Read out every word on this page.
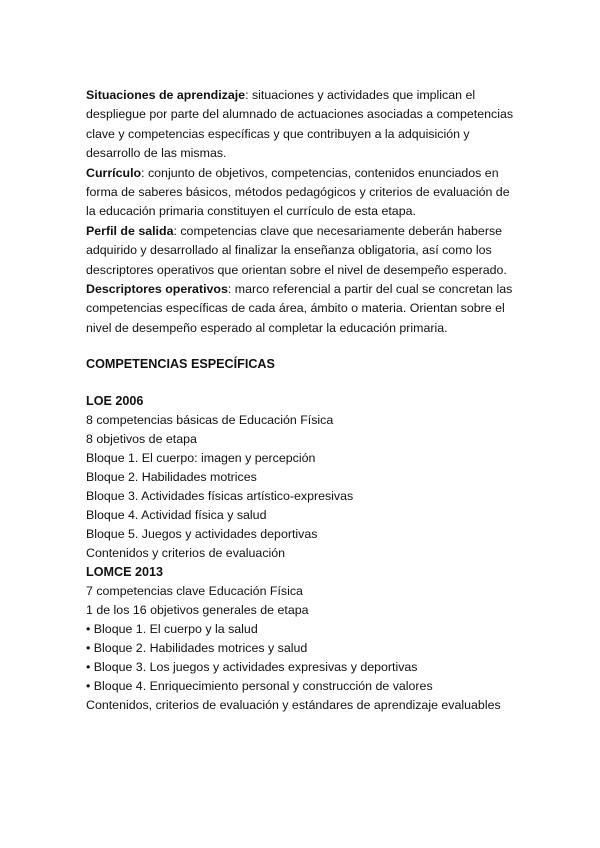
Situaciones de aprendizaje: situaciones y actividades que implican el despliegue por parte del alumnado de actuaciones asociadas a competencias clave y competencias específicas y que contribuyen a la adquisición y desarrollo de las mismas.

Currículo: conjunto de objetivos, competencias, contenidos enunciados en forma de saberes básicos, métodos pedagógicos y criterios de evaluación de la educación primaria constituyen el currículo de esta etapa.

Perfil de salida: competencias clave que necesariamente deberán haberse adquirido y desarrollado al finalizar la enseñanza obligatoria, así como los descriptores operativos que orientan sobre el nivel de desempeño esperado.

Descriptores operativos: marco referencial a partir del cual se concretan las competencias específicas de cada área, ámbito o materia. Orientan sobre el nivel de desempeño esperado al completar la educación primaria.

COMPETENCIAS ESPECÍFICAS

LOE 2006

8 competencias básicas de Educación Física

8 objetivos de etapa

Bloque 1. El cuerpo: imagen y percepción

Bloque 2. Habilidades motrices

Bloque 3. Actividades físicas artístico-expresivas

Bloque 4. Actividad física y salud

Bloque 5. Juegos y actividades deportivas

Contenidos y criterios de evaluación

LOMCE 2013

7 competencias clave Educación Física

1 de los 16 objetivos generales de etapa

• Bloque 1. El cuerpo y la salud

• Bloque 2. Habilidades motrices y salud

• Bloque 3. Los juegos y actividades expresivas y deportivas

• Bloque 4. Enriquecimiento personal y construcción de valores

Contenidos, criterios de evaluación y estándares de aprendizaje evaluables
